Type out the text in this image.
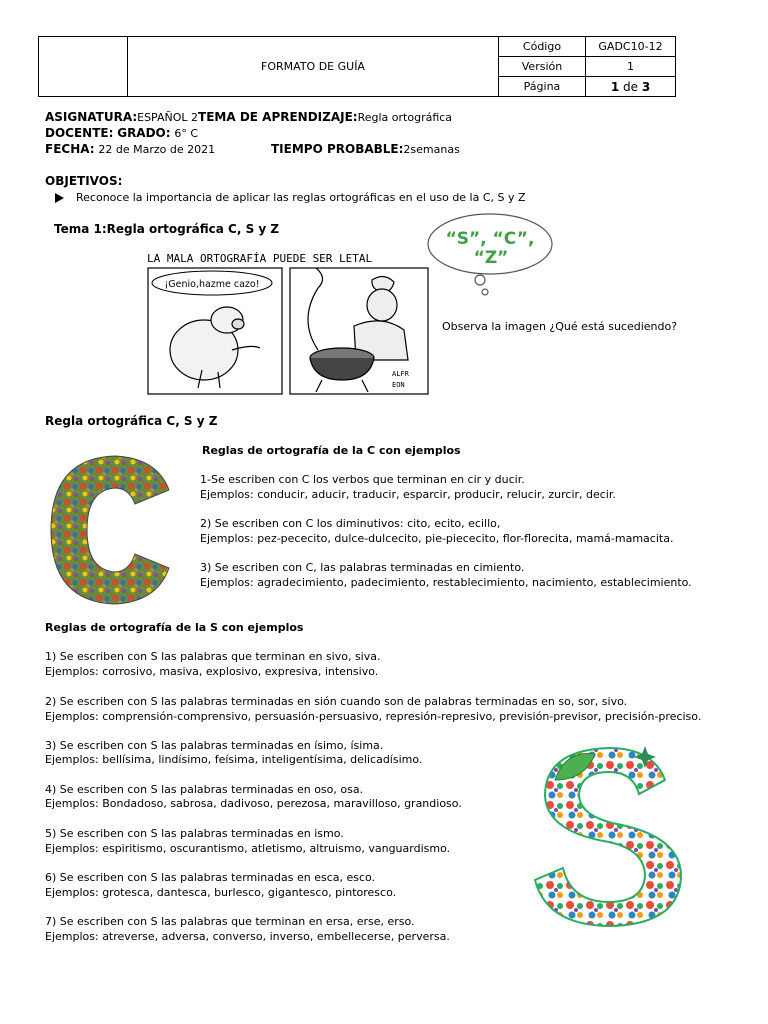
	FORMATO DE GUÍA	Código	GADC10-12
		Versión	1
		Página	1 de 3
ASIGNATURA:ESPAÑOL 2TEMA DE APRENDIZAJE:Regla ortográfica
DOCENTE: GRADO: 6° C
FECHA: 22 de Marzo de 2021	TIEMPO PROBABLE:2semanas
OBJETIVOS:
Reconoce la importancia de aplicar las reglas ortográficas en el uso de la C, S y Z
Tema 1:Regla ortográfica C, S y Z	“S”, “C”,
“Z”
LA MALA ORTOGRAFÍA PUEDE SER LETAL
¡Genio,hazme cazo!
ALFR
EON
Observa la imagen ¿Qué está sucediendo?
Regla ortográfica C, S y Z
Reglas de ortografía de la C con ejemplos
1-Se escriben con C los verbos que terminan en cir y ducir.
Ejemplos: conducir, aducir, traducir, esparcir, producir, relucir, zurcir, decir.
2) Se escriben con C los diminutivos: cito, ecito, ecillo,
Ejemplos: pez-pececito, dulce-dulcecito, pie-piececito, flor-florecita, mamá-mamacita.
3) Se escriben con C, las palabras terminadas en cimiento.
Ejemplos: agradecimiento, padecimiento, restablecimiento, nacimiento, establecimiento.
Reglas de ortografía de la S con ejemplos
1) Se escriben con S las palabras que terminan en sivo, siva.
Ejemplos: corrosivo, masiva, explosivo, expresiva, intensivo.
2) Se escriben con S las palabras terminadas en sión cuando son de palabras terminadas en so, sor, sivo.
Ejemplos: comprensión-comprensivo, persuasión-persuasivo, represión-represivo, previsión-previsor, precisión-preciso.
3) Se escriben con S las palabras terminadas en ísimo, ísima.
Ejemplos: bellísima, lindísimo, feísima, inteligentísima, delicadísimo.
4) Se escriben con S las palabras terminadas en oso, osa.
Ejemplos: Bondadoso, sabrosa, dadivoso, perezosa, maravilloso, grandioso.
5) Se escriben con S las palabras terminadas en ismo.
Ejemplos: espiritismo, oscurantismo, atletismo, altruismo, vanguardismo.
6) Se escriben con S las palabras terminadas en esca, esco.
Ejemplos: grotesca, dantesca, burlesco, gigantesco, pintoresco.
7) Se escriben con S las palabras que terminan en ersa, erse, erso.
Ejemplos: atreverse, adversa, converso, inverso, embellecerse, perversa.
